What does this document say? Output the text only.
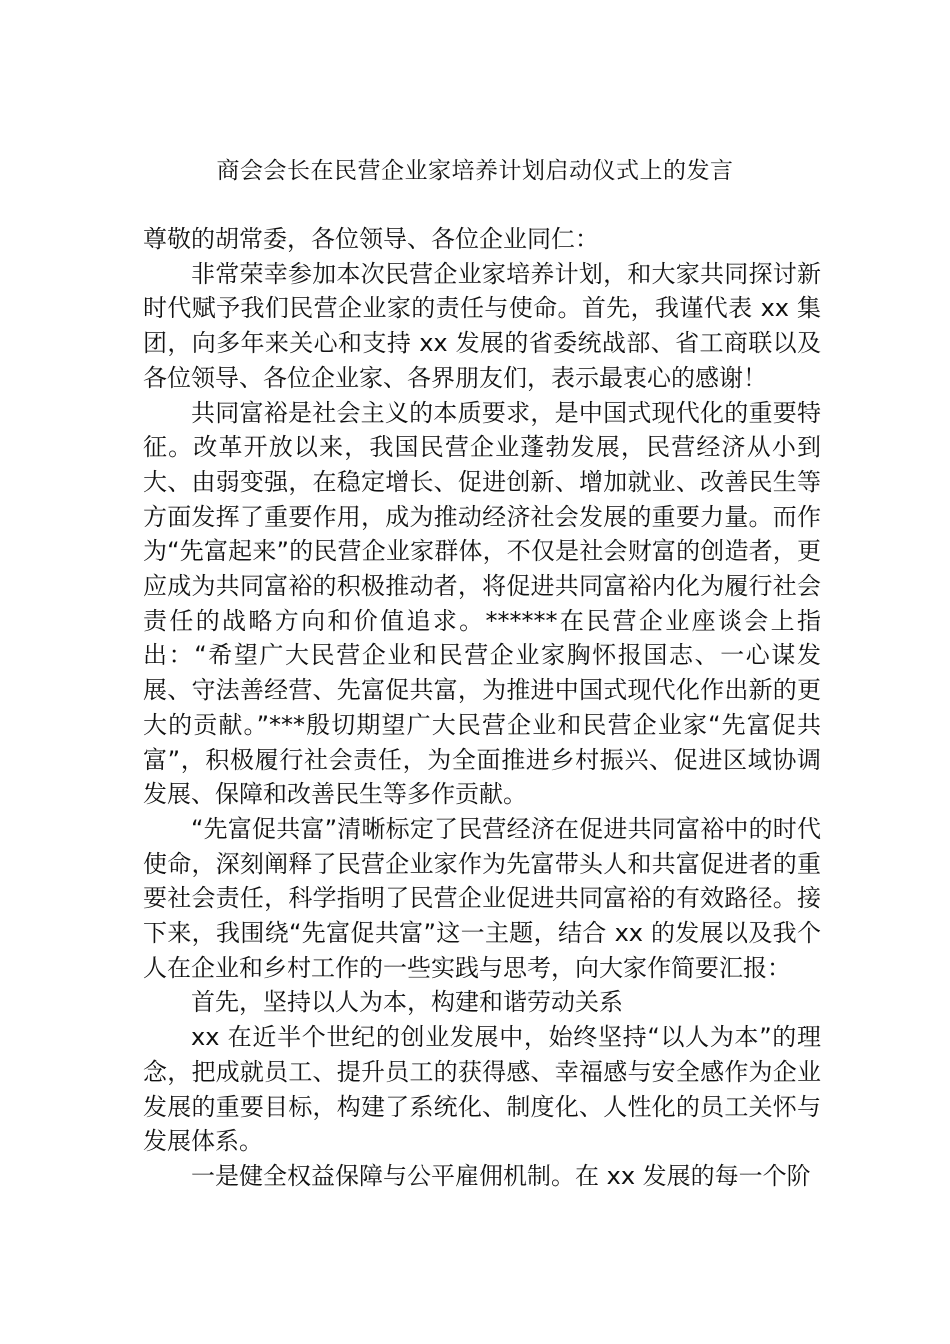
商会会长在民营企业家培养计划启动仪式上的发言

尊敬的胡常委，各位领导、各位企业同仁：

非常荣幸参加本次民营企业家培养计划，和大家共同探讨新时代赋予我们民营企业家的责任与使命。首先，我谨代表 xx 集团，向多年来关心和支持 xx 发展的省委统战部、省工商联以及各位领导、各位企业家、各界朋友们，表示最衷心的感谢！

共同富裕是社会主义的本质要求，是中国式现代化的重要特征。改革开放以来，我国民营企业蓬勃发展，民营经济从小到大、由弱变强，在稳定增长、促进创新、增加就业、改善民生等方面发挥了重要作用，成为推动经济社会发展的重要力量。而作为“先富起来”的民营企业家群体，不仅是社会财富的创造者，更应成为共同富裕的积极推动者，将促进共同富裕内化为履行社会责任的战略方向和价值追求。******在民营企业座谈会上指出：“希望广大民营企业和民营企业家胸怀报国志、一心谋发展、守法善经营、先富促共富，为推进中国式现代化作出新的更大的贡献。”***殷切期望广大民营企业和民营企业家“先富促共富”，积极履行社会责任，为全面推进乡村振兴、促进区域协调发展、保障和改善民生等多作贡献。

“先富促共富”清晰标定了民营经济在促进共同富裕中的时代使命，深刻阐释了民营企业家作为先富带头人和共富促进者的重要社会责任，科学指明了民营企业促进共同富裕的有效路径。接下来，我围绕“先富促共富”这一主题，结合 xx 的发展以及我个人在企业和乡村工作的一些实践与思考，向大家作简要汇报：

首先，坚持以人为本，构建和谐劳动关系

xx 在近半个世纪的创业发展中，始终坚持“以人为本”的理念，把成就员工、提升员工的获得感、幸福感与安全感作为企业发展的重要目标，构建了系统化、制度化、人性化的员工关怀与发展体系。

一是健全权益保障与公平雇佣机制。在 xx 发展的每一个阶
